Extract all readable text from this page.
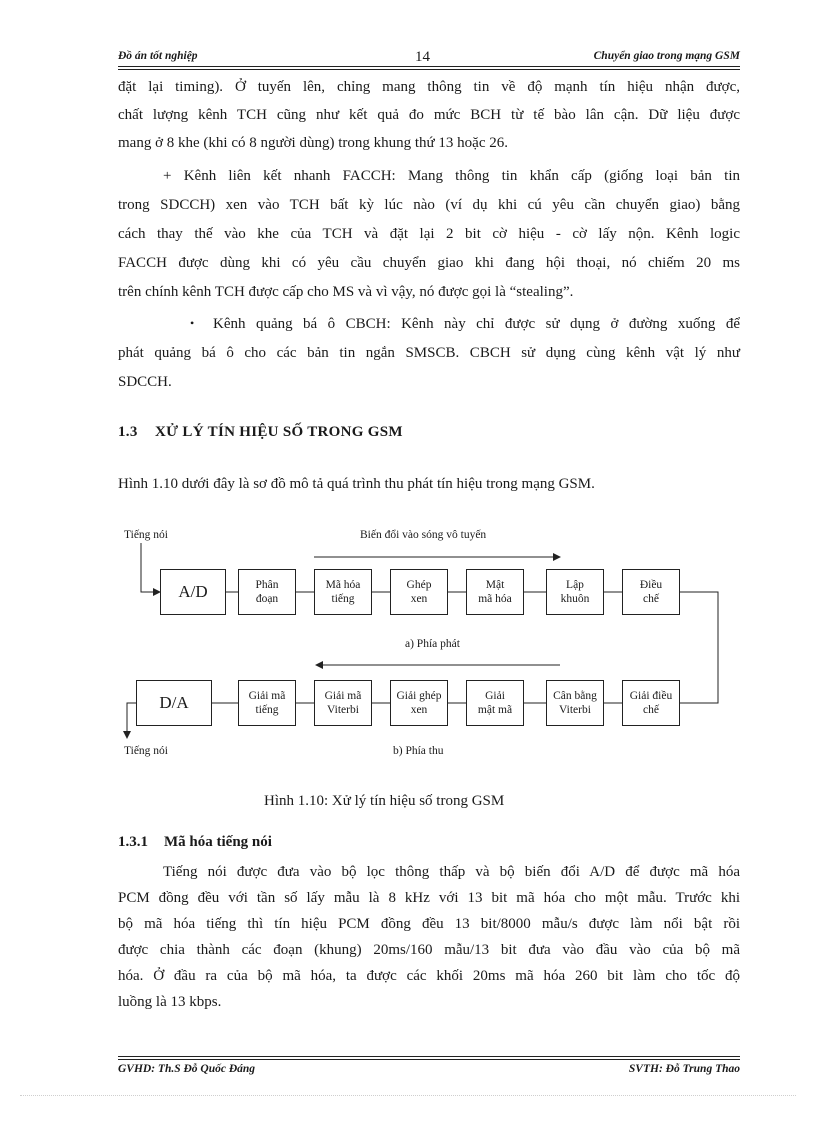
Đồ án tốt nghiệp	14	Chuyển giao trong mạng GSM
đặt lại timing). Ở tuyến lên, chỉng mang thông tin về độ mạnh tín hiệu nhận được,
chất lượng kênh TCH cũng như kết quả đo mức BCH từ tế bào lân cận. Dữ liệu được
mang ở 8 khe (khi có 8 người dùng) trong khung thứ 13 hoặc 26.
+ Kênh liên kết nhanh FACCH: Mang thông tin khẩn cấp (giống loại bản tin
trong SDCCH) xen vào TCH bất kỳ lúc nào (ví dụ khi cú yêu cần chuyển giao) bằng
cách thay thế vào khe của TCH và đặt lại 2 bit cờ hiệu - cờ lấy nộn. Kênh logic
FACCH được dùng khi có yêu cầu chuyển giao khi đang hội thoại, nó chiếm 20 ms
trên chính kênh TCH được cấp cho MS và vì vậy, nó được gọi là “stealing”.
• Kênh quảng bá ô CBCH: Kênh này chỉ được sử dụng ở đường xuống để
phát quảng bá ô cho các bản tin ngắn SMSCB. CBCH sử dụng cùng kênh vật lý như
SDCCH.
1.3 XỬ LÝ TÍN HIỆU SỐ TRONG GSM
Hình 1.10 dưới đây là sơ đồ mô tả quá trình thu phát tín hiệu trong mạng GSM.
Tiếng nói	Biến đổi vào sóng vô tuyến
A/D	Phân
đoạn
Mã hóa
tiếng
Ghép
xen
Mật
mã hóa
Lập
khuôn
Điều
chế
a) Phía phát
D/A	Giải mã
tiếng
Giải mã
Viterbi
Giải ghép
xen
Giải
mật mã
Cân bằng
Viterbi
Giải điều
chế
Tiếng nói	b) Phía thu
Hình 1.10: Xử lý tín hiệu số trong GSM
1.3.1 Mã hóa tiếng nói
Tiếng nói được đưa vào bộ lọc thông thấp và bộ biến đổi A/D để được mã hóa
PCM đồng đều với tần số lấy mẫu là 8 kHz với 13 bit mã hóa cho một mẫu. Trước khi
bộ mã hóa tiếng thì tín hiệu PCM đồng đều 13 bit/8000 mẫu/s được làm nổi bật rồi
được chia thành các đoạn (khung) 20ms/160 mẫu/13 bit đưa vào đầu vào của bộ mã
hóa. Ở đầu ra của bộ mã hóa, ta được các khối 20ms mã hóa 260 bit làm cho tốc độ
luồng là 13 kbps.
GVHD: Th.S Đỗ Quốc Đáng	SVTH: Đỗ Trung Thao
